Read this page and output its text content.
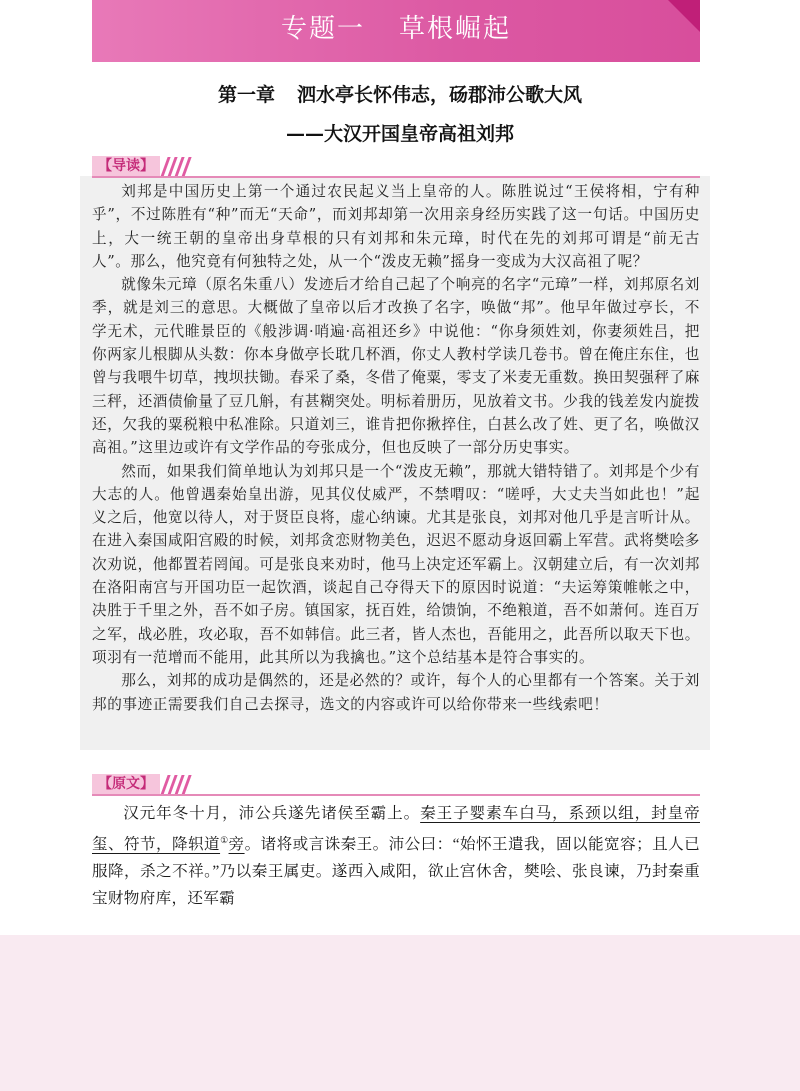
专题一 草根崛起
第一章 泗水亭长怀伟志，砀郡沛公歌大风
——大汉开国皇帝高祖刘邦
【导读】

刘邦是中国历史上第一个通过农民起义当上皇帝的人。陈胜说过“王侯将相，宁有种乎”，不过陈胜有“种”而无“天命”，而刘邦却第一次用亲身经历实践了这一句话。中国历史上，大一统王朝的皇帝出身草根的只有刘邦和朱元璋，时代在先的刘邦可谓是“前无古人”。那么，他究竟有何独特之处，从一个“泼皮无赖”摇身一变成为大汉高祖了呢？

就像朱元璋（原名朱重八）发迹后才给自己起了个响亮的名字“元璋”一样，刘邦原名刘季，就是刘三的意思。大概做了皇帝以后才改换了名字，唤做“邦”。他早年做过亭长，不学无术，元代睢景臣的《般涉调·哨遍·高祖还乡》中说他：“你身须姓刘，你妻须姓吕，把你两家儿根脚从头数：你本身做亭长耽几杯酒，你丈人教村学读几卷书。曾在俺庄东住，也曾与我喂牛切草，拽坝扶锄。春采了桑，冬借了俺粟，零支了米麦无重数。换田契强秤了麻三秤，还酒债偷量了豆几斛，有甚糊突处。明标着册历，见放着文书。少我的钱差发内旋拨还，欠我的粟税粮中私准除。只道刘三，谁肯把你揪捽住，白甚么改了姓、更了名，唤做汉高祖。”这里边或许有文学作品的夸张成分，但也反映了一部分历史事实。

然而，如果我们简单地认为刘邦只是一个“泼皮无赖”，那就大错特错了。刘邦是个少有大志的人。他曾遇秦始皇出游，见其仪仗威严，不禁喟叹：“嗟呼，大丈夫当如此也！”起义之后，他宽以待人，对于贤臣良将，虚心纳谏。尤其是张良，刘邦对他几乎是言听计从。在进入秦国咸阳宫殿的时候，刘邦贪恋财物美色，迟迟不愿动身返回霸上军营。武将樊哙多次劝说，他都置若罔闻。可是张良来劝时，他马上决定还军霸上。汉朝建立后，有一次刘邦在洛阳南宫与开国功臣一起饮酒，谈起自己夺得天下的原因时说道：“夫运筹策帷帐之中，决胜于千里之外，吾不如子房。镇国家，抚百姓，给馈饷，不绝粮道，吾不如萧何。连百万之军，战必胜，攻必取，吾不如韩信。此三者，皆人杰也，吾能用之，此吾所以取天下也。项羽有一范增而不能用，此其所以为我擒也。”这个总结基本是符合事实的。

那么，刘邦的成功是偶然的，还是必然的？或许，每个人的心里都有一个答案。关于刘邦的事迹正需要我们自己去探寻，选文的内容或许可以给你带来一些线索吧！

【原文】

汉元年冬十月，沛公兵遂先诸侯至霸上。秦王子婴素车白马，系颈以组，封皇帝玺、符节，降轵道①旁。诸将或言诛秦王。沛公曰：“始怀王遣我，固以能宽容；且人已服降，杀之不祥。”乃以秦王属吏。遂西入咸阳，欲止宫休舍，樊哙、张良谏，乃封秦重宝财物府库，还军霸
